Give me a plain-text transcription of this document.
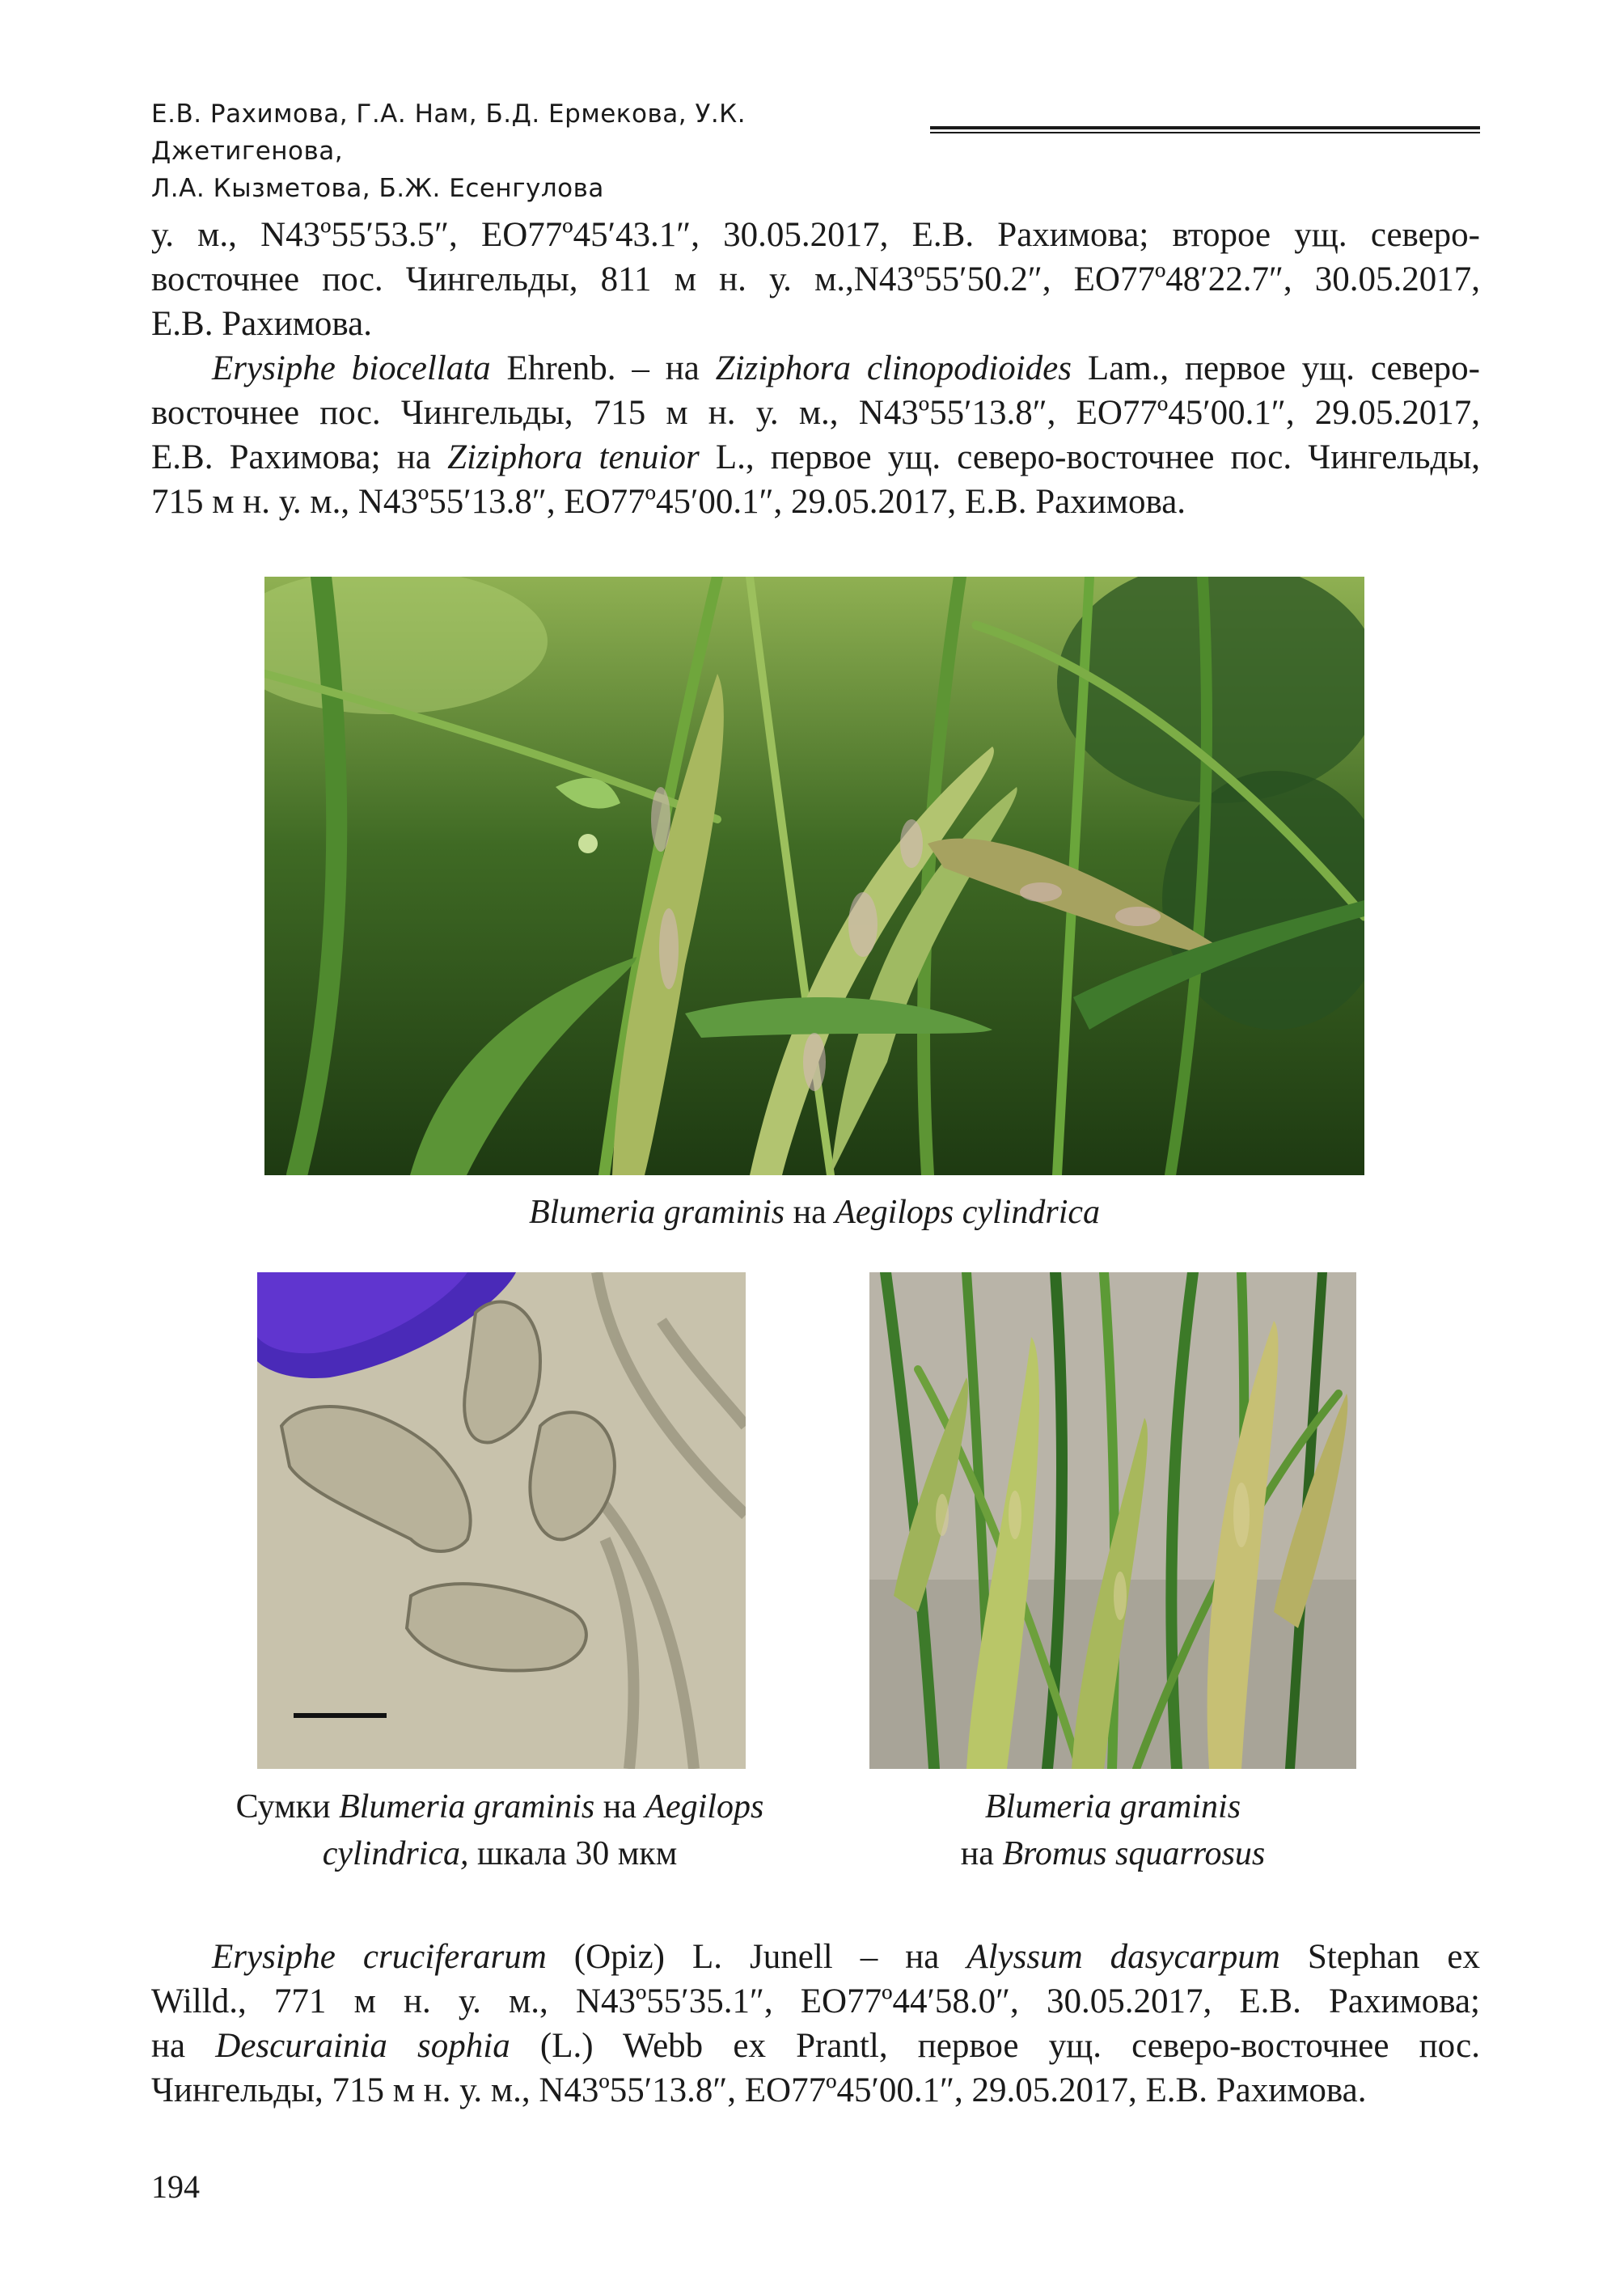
Е.В. Рахимова, Г.А. Нам, Б.Д. Ермекова, У.К. Джетигенова,
Л.А. Кызметова, Б.Ж. Есенгулова
у. м., N43º55′53.5″, EO77º45′43.1″, 30.05.2017, Е.В. Рахимова; второе ущ. северо-
восточнее пос. Чингельды, 811 м н. у. м.,N43º55′50.2″, EO77º48′22.7″, 30.05.2017,
Е.В. Рахимова.
Erysiphe biocellata Ehrenb. – на Ziziphora clinopodioides Lam., первое ущ. северо-
восточнее пос. Чингельды, 715 м н. у. м., N43º55′13.8″, EO77º45′00.1″, 29.05.2017,
Е.В. Рахимова; на Ziziphora tenuior L., первое ущ. северо-восточнее пос. Чингельды,
715 м н. у. м., N43º55′13.8″, EO77º45′00.1″, 29.05.2017, Е.В. Рахимова.
Blumeria graminis на Aegilops cylindrica
Сумки Blumeria graminis на Aegilops
cylindrica, шкала 30 мкм
Blumeria graminis
на Bromus squarrosus
Erysiphe cruciferarum (Opiz) L. Junell – на Alyssum dasycarpum Stephan ex
Willd., 771 м н. у. м., N43º55′35.1″, EO77º44′58.0″, 30.05.2017, Е.В. Рахимова;
на Descurainia sophia (L.) Webb ex Prantl, первое ущ. северо-восточнее пос.
Чингельды, 715 м н. у. м., N43º55′13.8″, EO77º45′00.1″, 29.05.2017, Е.В. Рахимова.
194
